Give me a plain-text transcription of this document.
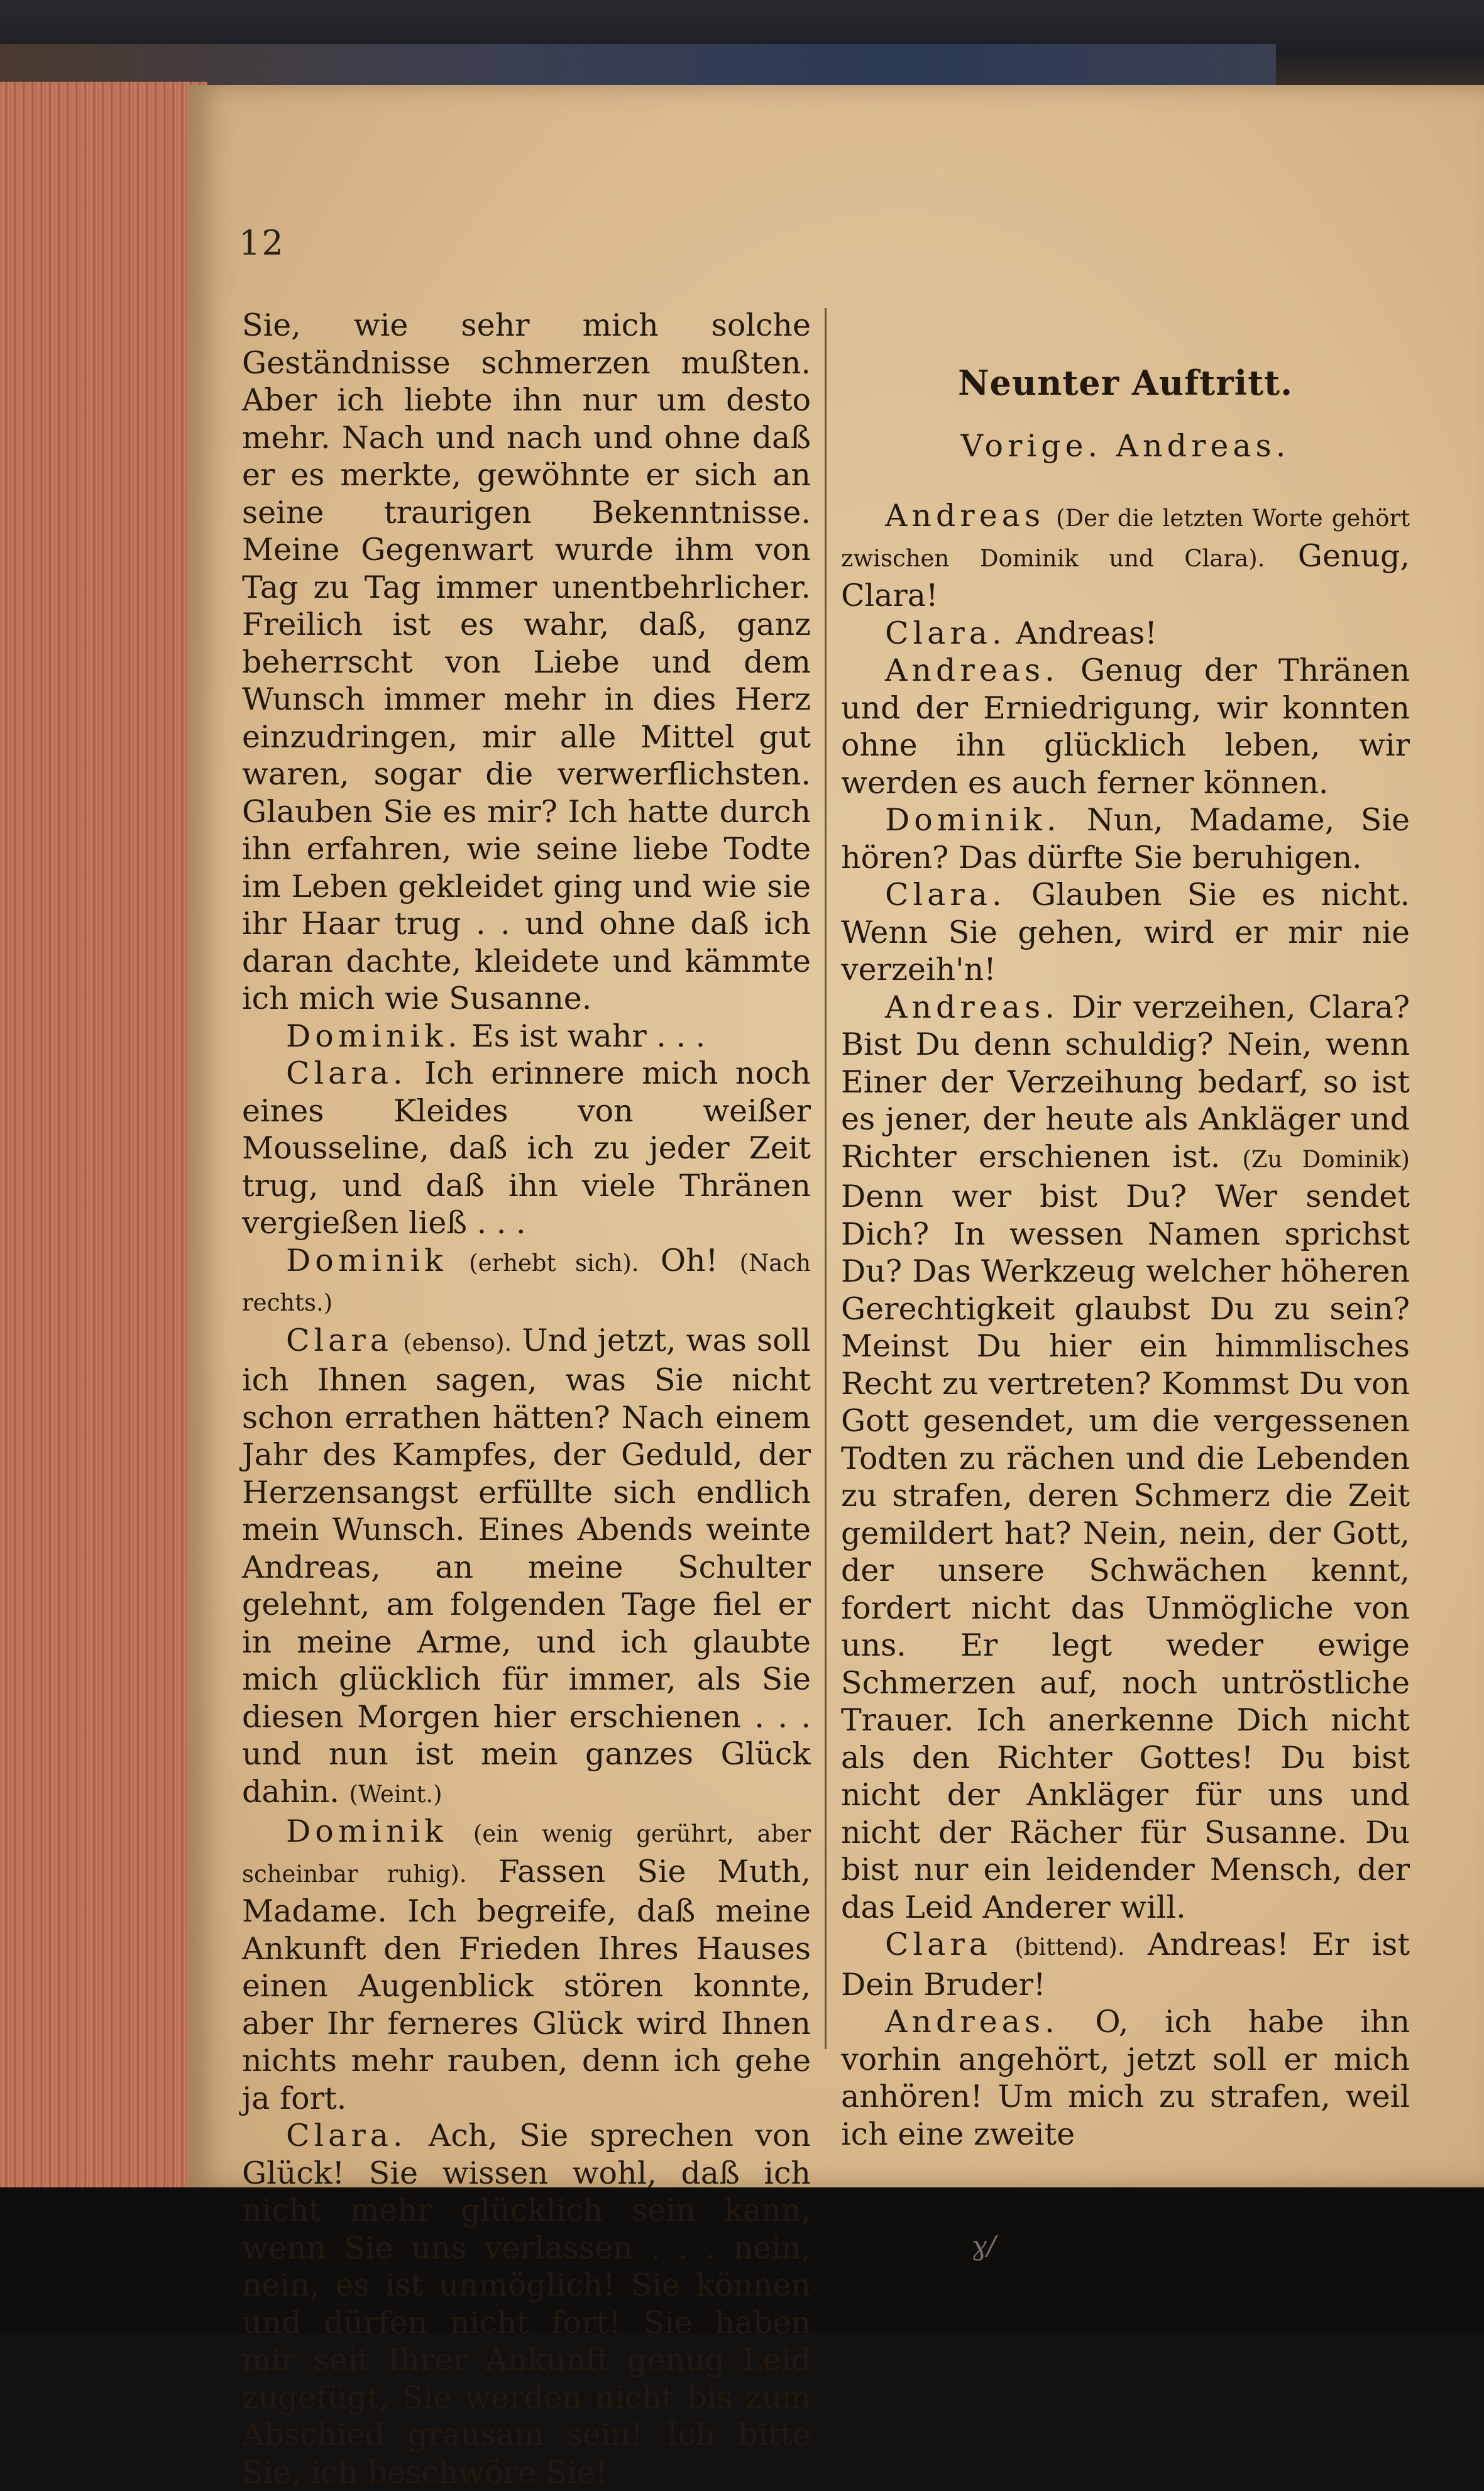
12

Sie, wie sehr mich solche Geständnisse schmerzen mußten. Aber ich liebte ihn nur um desto mehr. Nach und nach und ohne daß er es merkte, gewöhnte er sich an seine traurigen Bekenntnisse. Meine Gegenwart wurde ihm von Tag zu Tag immer unentbehrlicher. Freilich ist es wahr, daß, ganz beherrscht von Liebe und dem Wunsch immer mehr in dies Herz einzudringen, mir alle Mittel gut waren, sogar die verwerflichsten. Glauben Sie es mir? Ich hatte durch ihn erfahren, wie seine liebe Todte im Leben gekleidet ging und wie sie ihr Haar trug . . und ohne daß ich daran dachte, kleidete und kämmte ich mich wie Susanne.

Dominik. Es ist wahr . . .

Clara. Ich erinnere mich noch eines Kleides von weißer Mousseline, daß ich zu jeder Zeit trug, und daß ihn viele Thränen vergießen ließ . . .

Dominik (erhebt sich). Oh! (Nach rechts.)

Clara (ebenso). Und jetzt, was soll ich Ihnen sagen, was Sie nicht schon errathen hätten? Nach einem Jahr des Kampfes, der Geduld, der Herzensangst erfüllte sich endlich mein Wunsch. Eines Abends weinte Andreas, an meine Schulter gelehnt, am folgenden Tage fiel er in meine Arme, und ich glaubte mich glücklich für immer, als Sie diesen Morgen hier erschienen . . . und nun ist mein ganzes Glück dahin. (Weint.)

Dominik (ein wenig gerührt, aber scheinbar ruhig). Fassen Sie Muth, Madame. Ich begreife, daß meine Ankunft den Frieden Ihres Hauses einen Augenblick stören konnte, aber Ihr ferneres Glück wird Ihnen nichts mehr rauben, denn ich gehe ja fort.

Clara. Ach, Sie sprechen von Glück! Sie wissen wohl, daß ich nicht mehr glücklich sein kann, wenn Sie uns verlassen . . . nein, nein, es ist unmöglich! Sie können und dürfen nicht fort! Sie haben mir seit Ihrer Ankunft genug Leid zugefügt, Sie werden nicht bis zum Abschied grausam sein! Ich bitte Sie, ich beschwöre Sie!

Neunter Auftritt.

Vorige. Andreas.

Andreas (Der die letzten Worte gehört zwischen Dominik und Clara). Genug, Clara!

Clara. Andreas!

Andreas. Genug der Thränen und der Erniedrigung, wir konnten ohne ihn glücklich leben, wir werden es auch ferner können.

Dominik. Nun, Madame, Sie hören? Das dürfte Sie beruhigen.

Clara. Glauben Sie es nicht. Wenn Sie gehen, wird er mir nie verzeih'n!

Andreas. Dir verzeihen, Clara? Bist Du denn schuldig? Nein, wenn Einer der Verzeihung bedarf, so ist es jener, der heute als Ankläger und Richter erschienen ist. (Zu Dominik) Denn wer bist Du? Wer sendet Dich? In wessen Namen sprichst Du? Das Werkzeug welcher höheren Gerechtigkeit glaubst Du zu sein? Meinst Du hier ein himmlisches Recht zu vertreten? Kommst Du von Gott gesendet, um die vergessenen Todten zu rächen und die Lebenden zu strafen, deren Schmerz die Zeit gemildert hat? Nein, nein, der Gott, der unsere Schwächen kennt, fordert nicht das Unmögliche von uns. Er legt weder ewige Schmerzen auf, noch untröstliche Trauer. Ich anerkenne Dich nicht als den Richter Gottes! Du bist nicht der Ankläger für uns und nicht der Rächer für Susanne. Du bist nur ein leidender Mensch, der das Leid Anderer will.

Clara (bittend). Andreas! Er ist Dein Bruder!

Andreas. O, ich habe ihn vorhin angehört, jetzt soll er mich anhören! Um mich zu strafen, weil ich eine zweite

ɣ/
